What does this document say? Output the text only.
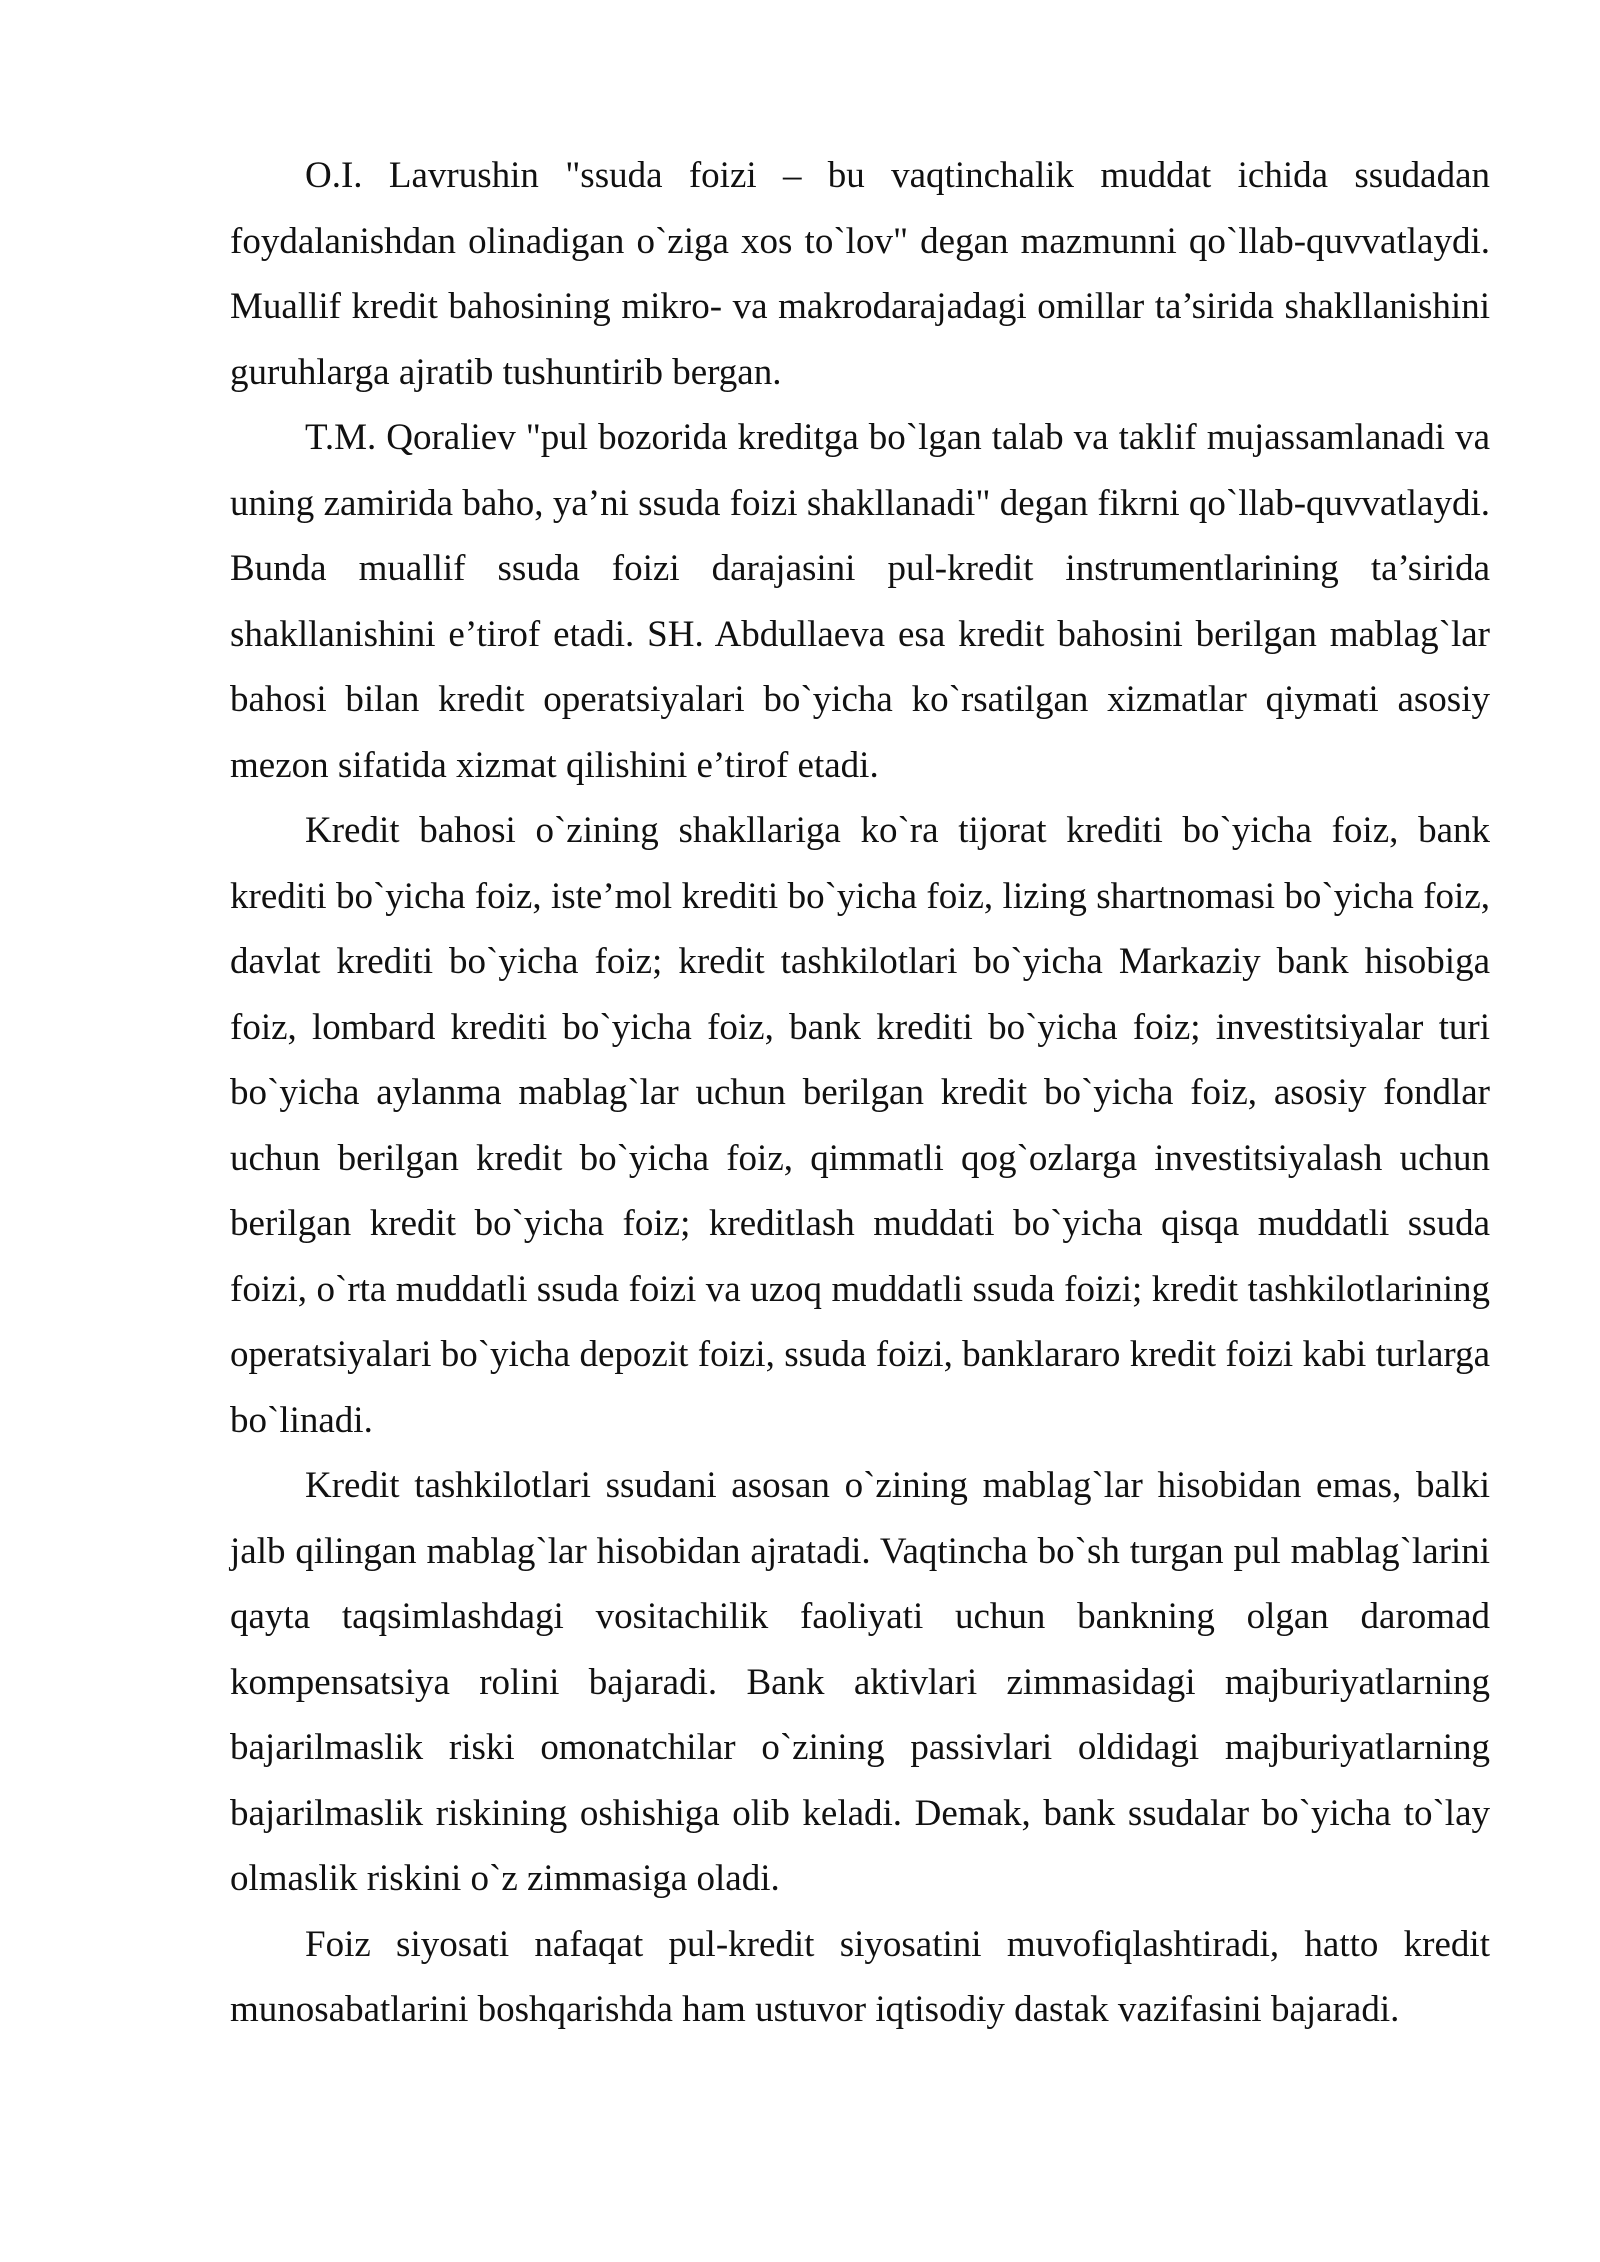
O.I. Lavrushin "ssuda foizi – bu vaqtinchalik muddat ichida ssudadan foydalanishdan olinadigan o`ziga xos to`lov" degan mazmunni qo`llab-quvvatlaydi. Muallif kredit bahosining mikro- va makrodarajadagi omillar ta’sirida shakllanishini guruhlarga ajratib tushuntirib bergan.

T.M. Qoraliev "pul bozorida kreditga bo`lgan talab va taklif mujassamlanadi va uning zamirida baho, ya’ni ssuda foizi shakllanadi" degan fikrni qo`llab-quvvatlaydi. Bunda muallif ssuda foizi darajasini pul-kredit instrumentlarining ta’sirida shakllanishini e’tirof etadi. SH. Abdullaeva esa kredit bahosini berilgan mablag`lar bahosi bilan kredit operatsiyalari bo`yicha ko`rsatilgan xizmatlar qiymati asosiy mezon sifatida xizmat qilishini e’tirof etadi.

Kredit bahosi o`zining shakllariga ko`ra tijorat krediti bo`yicha foiz, bank krediti bo`yicha foiz, iste’mol krediti bo`yicha foiz, lizing shartnomasi bo`yicha foiz, davlat krediti bo`yicha foiz; kredit tashkilotlari bo`yicha Markaziy bank hisobiga foiz, lombard krediti bo`yicha foiz, bank krediti bo`yicha foiz; investitsiyalar turi bo`yicha aylanma mablag`lar uchun berilgan kredit bo`yicha foiz, asosiy fondlar uchun berilgan kredit bo`yicha foiz, qimmatli qog`ozlarga investitsiyalash uchun berilgan kredit bo`yicha foiz; kreditlash muddati bo`yicha qisqa muddatli ssuda foizi, o`rta muddatli ssuda foizi va uzoq muddatli ssuda foizi; kredit tashkilotlarining operatsiyalari bo`yicha depozit foizi, ssuda foizi, banklararo kredit foizi kabi turlarga bo`linadi.

Kredit tashkilotlari ssudani asosan o`zining mablag`lar hisobidan emas, balki jalb qilingan mablag`lar hisobidan ajratadi. Vaqtincha bo`sh turgan pul mablag`larini qayta taqsimlashdagi vositachilik faoliyati uchun bankning olgan daromad kompensatsiya rolini bajaradi. Bank aktivlari zimmasidagi majburiyatlarning bajarilmaslik riski omonatchilar o`zining passivlari oldidagi majburiyatlarning bajarilmaslik riskining oshishiga olib keladi. Demak, bank ssudalar bo`yicha to`lay olmaslik riskini o`z zimmasiga oladi.

Foiz siyosati nafaqat pul-kredit siyosatini muvofiqlashtiradi, hatto kredit munosabatlarini boshqarishda ham ustuvor iqtisodiy dastak vazifasini bajaradi.
